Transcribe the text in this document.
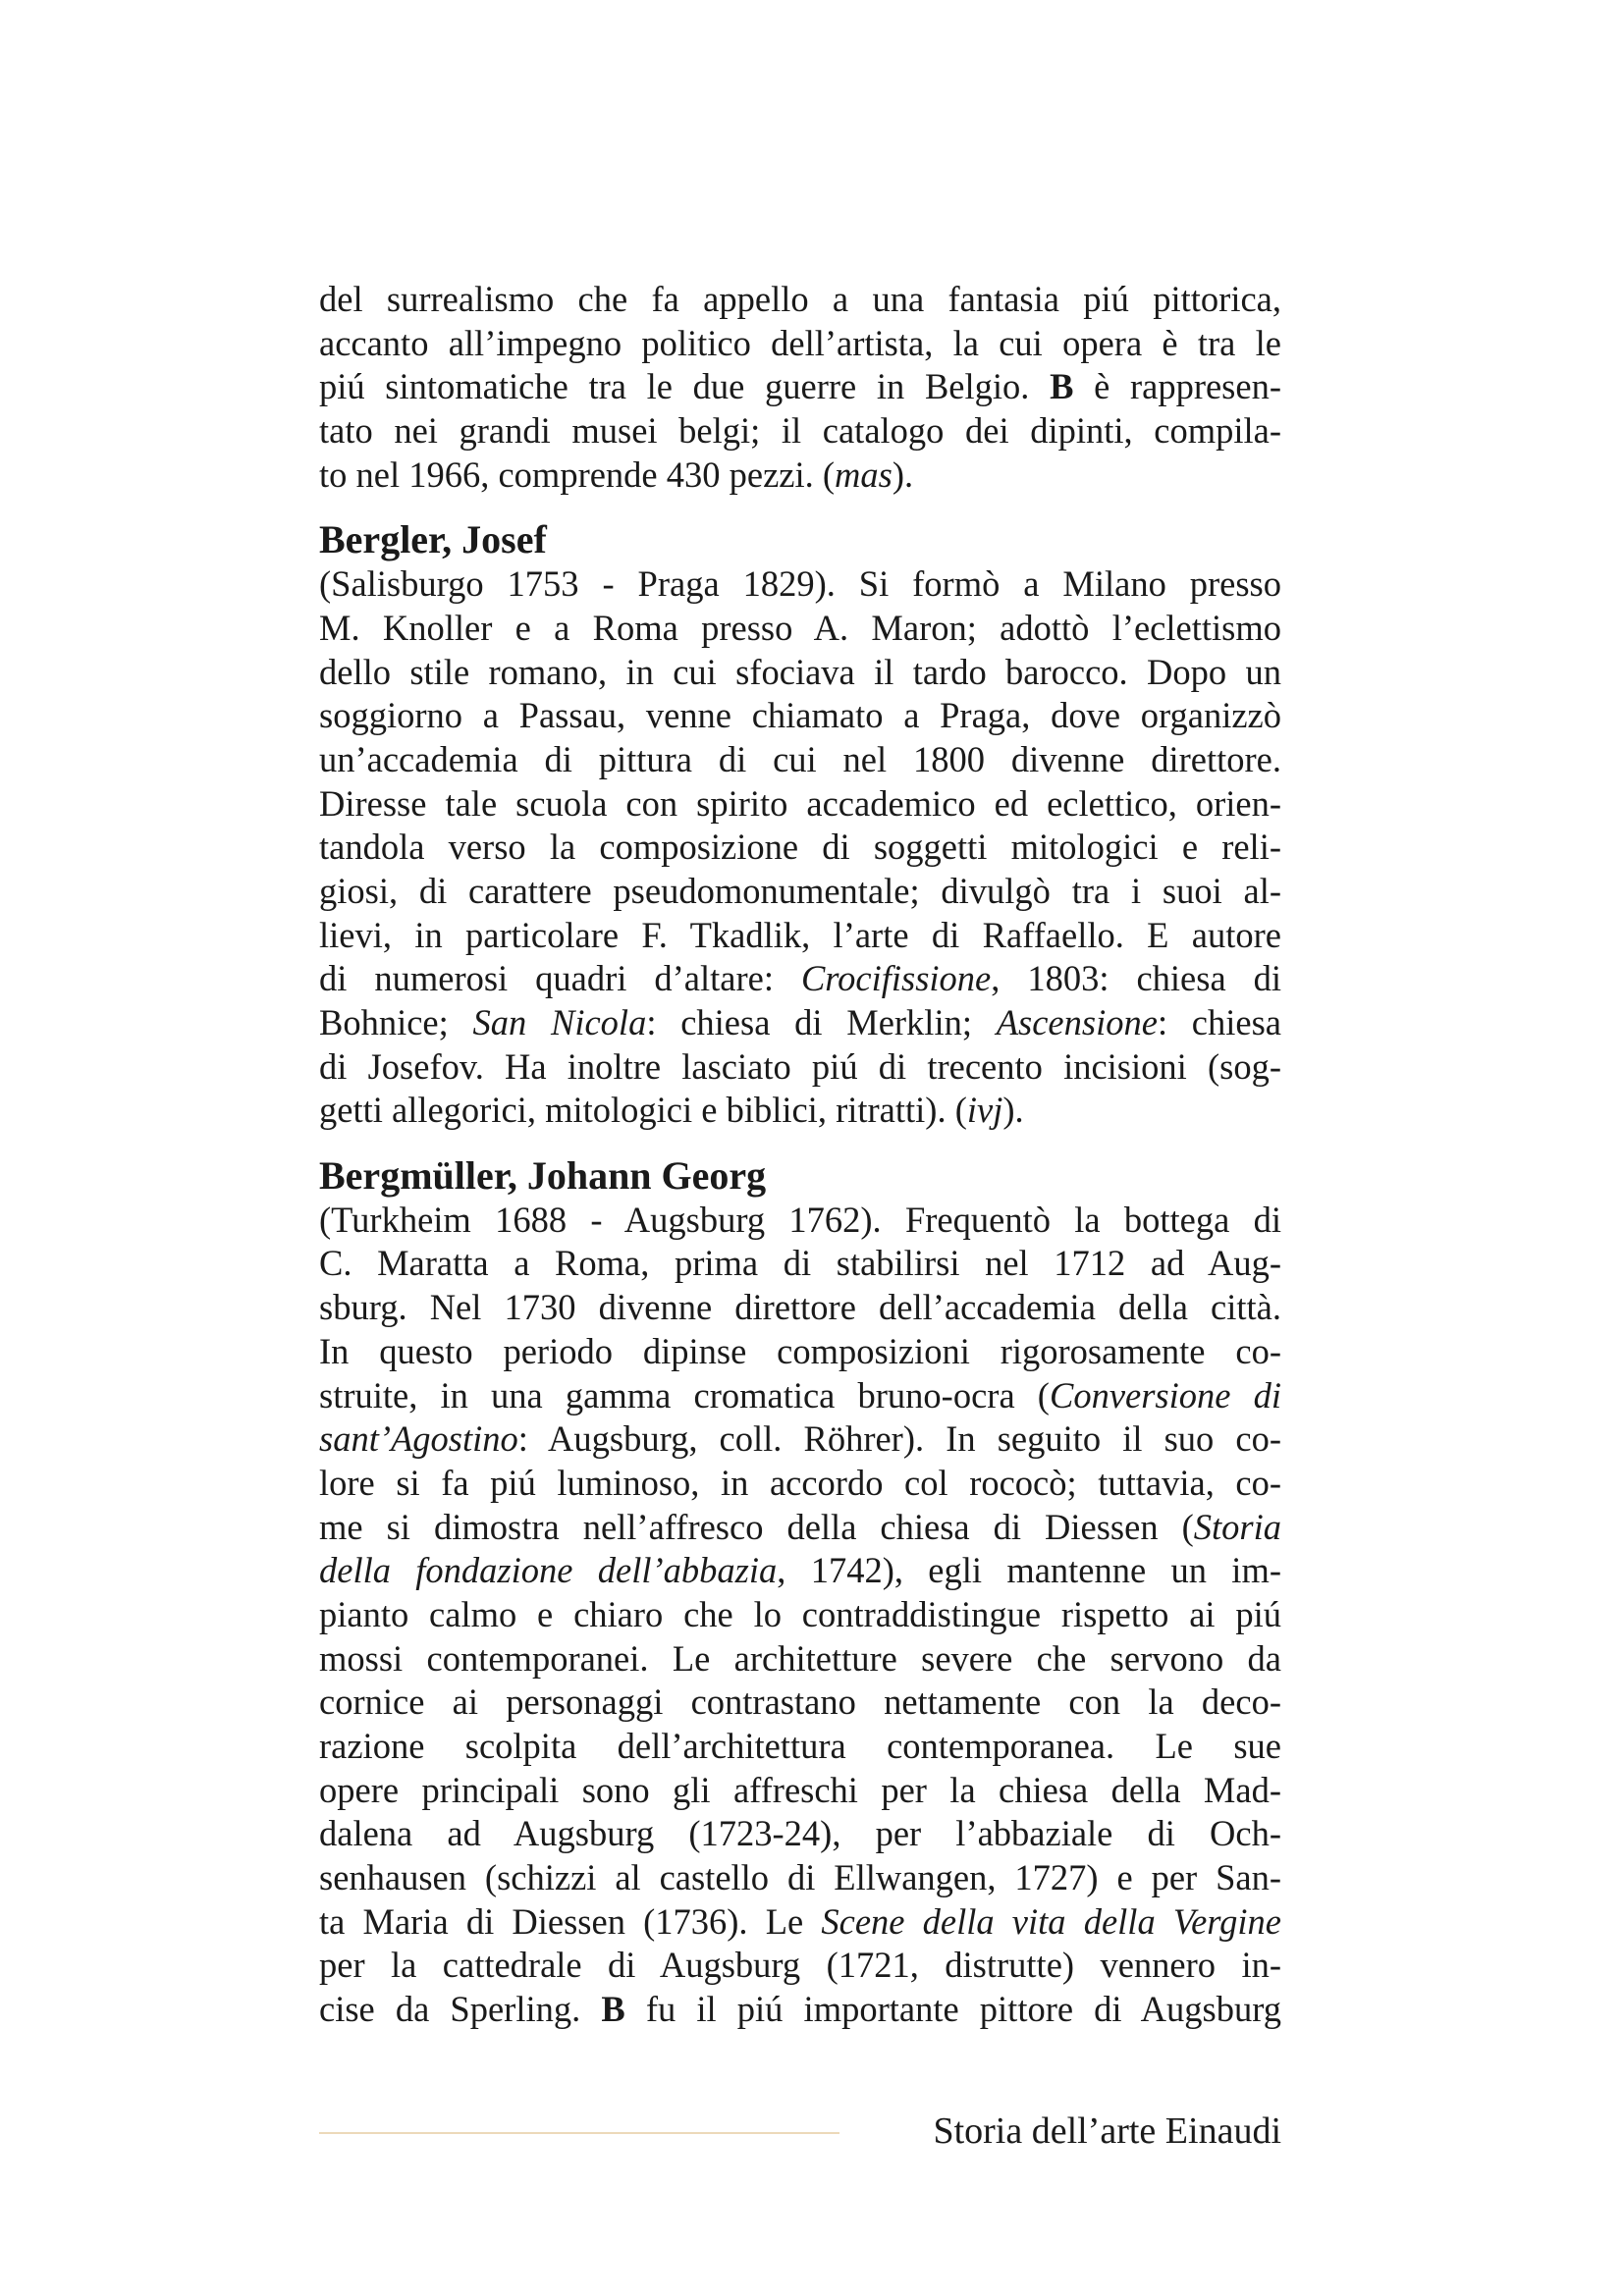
del surrealismo che fa appello a una fantasia piú pittorica,
accanto all’impegno politico dell’artista, la cui opera è tra le
piú sintomatiche tra le due guerre in Belgio. B è rappresen-
tato nei grandi musei belgi; il catalogo dei dipinti, compila-
to nel 1966, comprende 430 pezzi. (mas).
Bergler, Josef
(Salisburgo 1753 - Praga 1829). Si formò a Milano presso
M. Knoller e a Roma presso A. Maron; adottò l’eclettismo
dello stile romano, in cui sfociava il tardo barocco. Dopo un
soggiorno a Passau, venne chiamato a Praga, dove organizzò
un’accademia di pittura di cui nel 1800 divenne direttore.
Diresse tale scuola con spirito accademico ed eclettico, orien-
tandola verso la composizione di soggetti mitologici e reli-
giosi, di carattere pseudomonumentale; divulgò tra i suoi al-
lievi, in particolare F. Tkadlik, l’arte di Raffaello. E autore
di numerosi quadri d’altare: Crocifissione, 1803: chiesa di
Bohnice; San Nicola: chiesa di Merklin; Ascensione: chiesa
di Josefov. Ha inoltre lasciato piú di trecento incisioni (sog-
getti allegorici, mitologici e biblici, ritratti). (ivj).
Bergmüller, Johann Georg
(Turkheim 1688 - Augsburg 1762). Frequentò la bottega di
C. Maratta a Roma, prima di stabilirsi nel 1712 ad Aug-
sburg. Nel 1730 divenne direttore dell’accademia della città.
In questo periodo dipinse composizioni rigorosamente co-
struite, in una gamma cromatica bruno-ocra (Conversione di
sant’Agostino: Augsburg, coll. Röhrer). In seguito il suo co-
lore si fa piú luminoso, in accordo col rococò; tuttavia, co-
me si dimostra nell’affresco della chiesa di Diessen (Storia
della fondazione dell’abbazia, 1742), egli mantenne un im-
pianto calmo e chiaro che lo contraddistingue rispetto ai piú
mossi contemporanei. Le architetture severe che servono da
cornice ai personaggi contrastano nettamente con la deco-
razione scolpita dell’architettura contemporanea. Le sue
opere principali sono gli affreschi per la chiesa della Mad-
dalena ad Augsburg (1723-24), per l’abbaziale di Och-
senhausen (schizzi al castello di Ellwangen, 1727) e per San-
ta Maria di Diessen (1736). Le Scene della vita della Vergine
per la cattedrale di Augsburg (1721, distrutte) vennero in-
cise da Sperling. B fu il piú importante pittore di Augsburg
Storia dell’arte Einaudi
